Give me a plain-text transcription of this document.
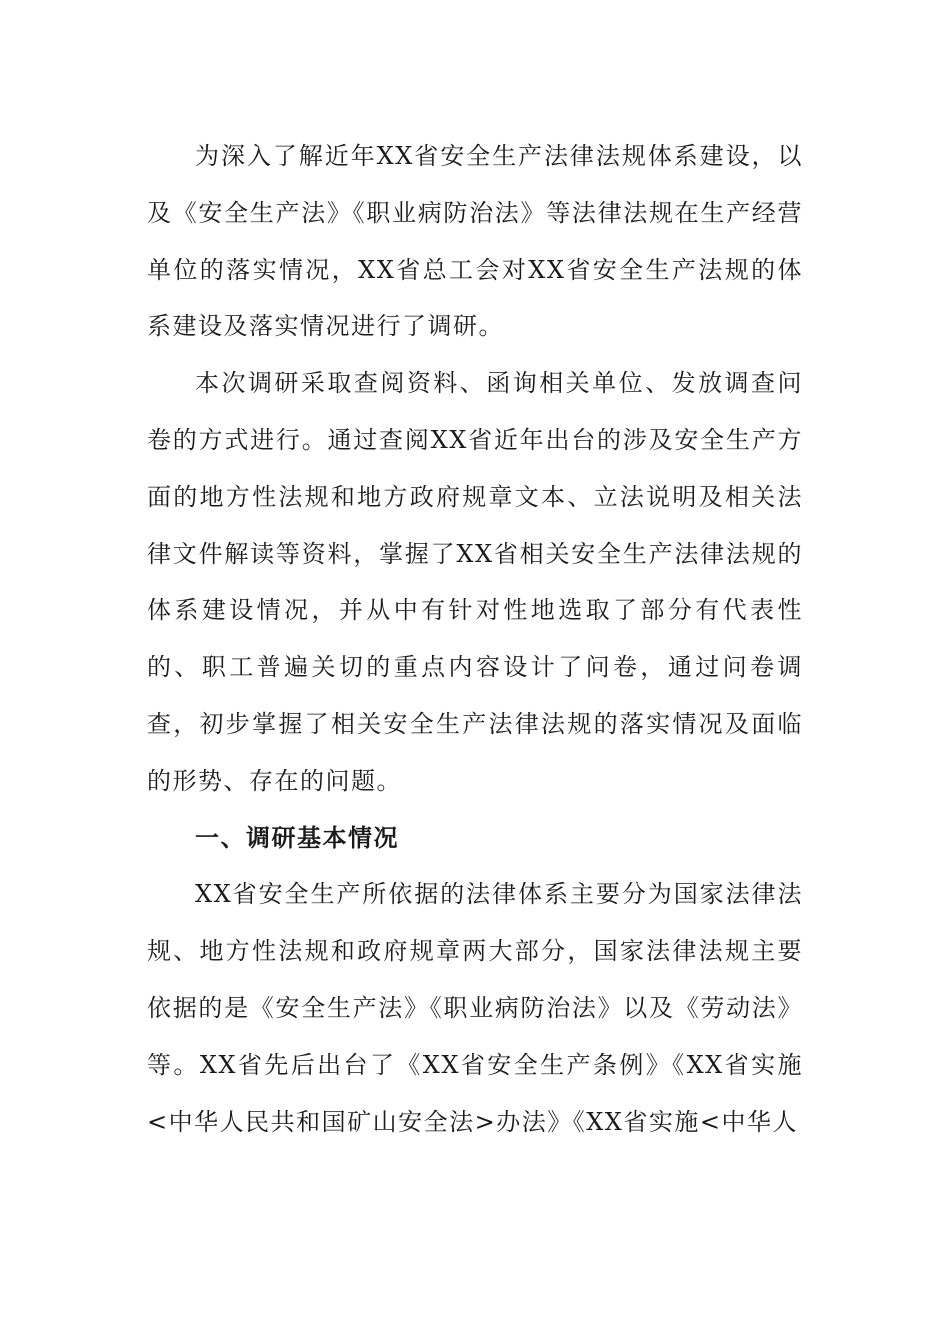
为深入了解近年XX省安全生产法律法规体系建设，以及《安全生产法》《职业病防治法》等法律法规在生产经营单位的落实情况，XX省总工会对XX省安全生产法规的体系建设及落实情况进行了调研。

本次调研采取查阅资料、函询相关单位、发放调查问卷的方式进行。通过查阅XX省近年出台的涉及安全生产方面的地方性法规和地方政府规章文本、立法说明及相关法律文件解读等资料，掌握了XX省相关安全生产法律法规的体系建设情况，并从中有针对性地选取了部分有代表性的、职工普遍关切的重点内容设计了问卷，通过问卷调查，初步掌握了相关安全生产法律法规的落实情况及面临的形势、存在的问题。

一、调研基本情况

XX省安全生产所依据的法律体系主要分为国家法律法规、地方性法规和政府规章两大部分，国家法律法规主要依据的是《安全生产法》《职业病防治法》以及《劳动法》等。XX省先后出台了《XX省安全生产条例》《XX省实施<中华人民共和国矿山安全法>办法》《XX省实施<中华人
